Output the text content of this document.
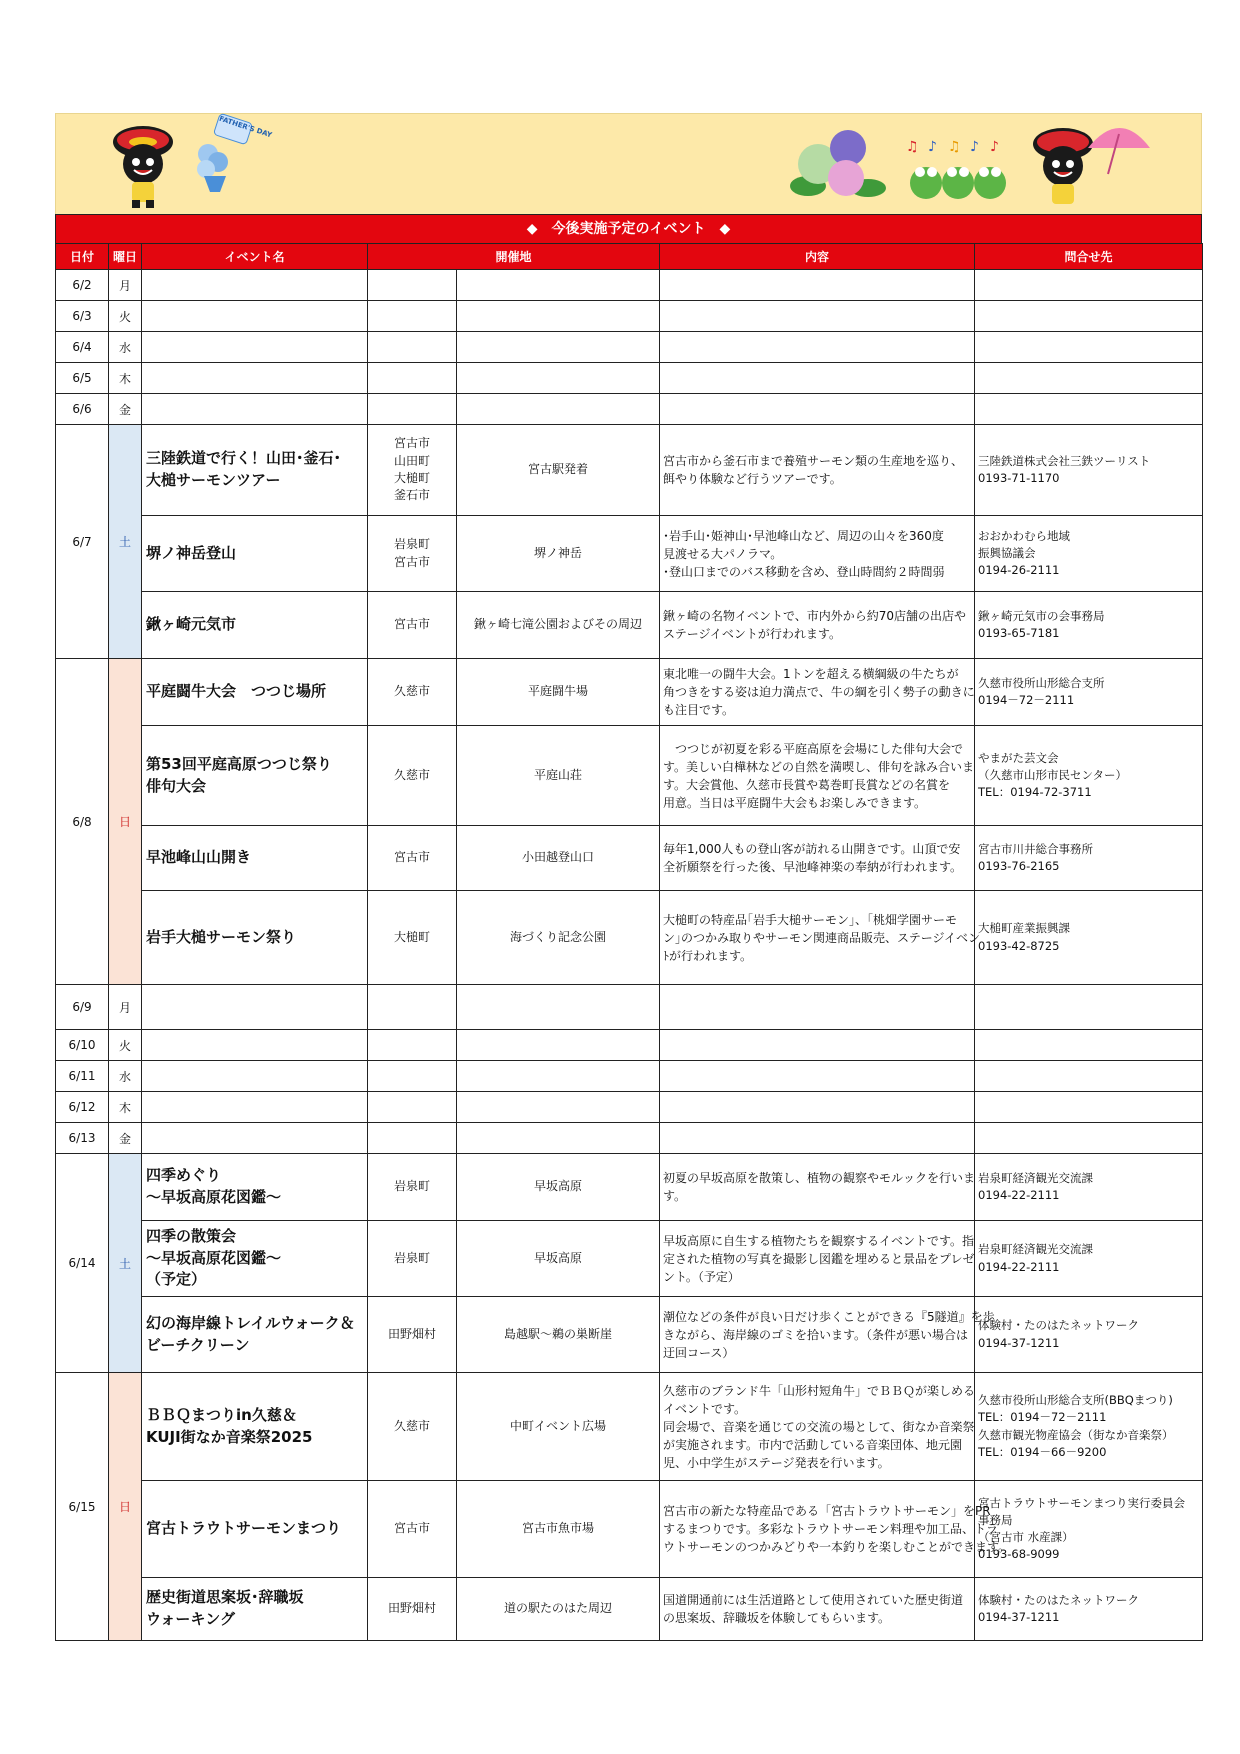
FATHER'S DAY
♫ ♪ ♫ ♪ ♪
◆　今後実施予定のイベント　◆
日付	曜日	イベント名	開催地		内容	問合せ先

6/2	月					

6/3	火					

6/4	水					

6/5	木					

6/6	金					

6/7	土	三陸鉄道で行く！山田･釜石･
大槌サーモンツアー	宮古市
山田町
大槌町
釜石市	宮古駅発着	宮古市から釜石市まで養殖サーモン類の生産地を巡り、
餌やり体験など行うツアーです。	三陸鉄道株式会社三鉄ツーリスト
0193-71-1170

		堺ノ神岳登山	岩泉町
宮古市	堺ノ神岳	･岩手山･姫神山･早池峰山など、周辺の山々を360度
見渡せる大パノラマ。
･登山口までのバス移動を含め、登山時間約２時間弱	おおかわむら地域
振興協議会
0194-26-2111

		鍬ヶ崎元気市	宮古市	鍬ヶ崎七滝公園およびその周辺	鍬ヶ崎の名物イベントで、市内外から約70店舗の出店や
ステージイベントが行われます。	鍬ヶ崎元気市の会事務局
0193-65-7181

6/8	日	平庭闘牛大会　つつじ場所	久慈市	平庭闘牛場	東北唯一の闘牛大会。1トンを超える横綱級の牛たちが
角つきをする姿は迫力満点で、牛の綱を引く勢子の動きに
も注目です。	久慈市役所山形総合支所
0194－72－2111

		第53回平庭高原つつじ祭り
俳句大会	久慈市	平庭山荘	　つつじが初夏を彩る平庭高原を会場にした俳句大会で
す。美しい白樺林などの自然を満喫し、俳句を詠み合いま
す。大会賞他、久慈市長賞や葛巻町長賞などの名賞を
用意。当日は平庭闘牛大会もお楽しみできます。	やまがた芸文会
（久慈市山形市民センター）
TEL：0194-72-3711

		早池峰山山開き	宮古市	小田越登山口	毎年1,000人もの登山客が訪れる山開きです。山頂で安
全祈願祭を行った後、早池峰神楽の奉納が行われます。	宮古市川井総合事務所
0193-76-2165

		岩手大槌サーモン祭り	大槌町	海づくり記念公園	大槌町の特産品｢岩手大槌サーモン｣、｢桃畑学園サーモ
ン｣のつかみ取りやサーモン関連商品販売、ステージイベン
ﾄが行われます。	大槌町産業振興課
0193-42-8725

6/9	月					

6/10	火					

6/11	水					

6/12	木					

6/13	金					

6/14	土	四季めぐり
～早坂高原花図鑑～	岩泉町	早坂高原	初夏の早坂高原を散策し、植物の観察やモルックを行いま
す。	岩泉町経済観光交流課
0194-22-2111

		四季の散策会
～早坂高原花図鑑～
（予定）	岩泉町	早坂高原	早坂高原に自生する植物たちを観察するイベントです。指
定された植物の写真を撮影し図鑑を埋めると景品をプレゼ
ント。（予定）	岩泉町経済観光交流課
0194-22-2111

		幻の海岸線トレイルウォーク＆
ビーチクリーン	田野畑村	島越駅～鵜の巣断崖	潮位などの条件が良い日だけ歩くことができる『5隧道』を歩
きながら、海岸線のゴミを拾います。（条件が悪い場合は
迂回コース）	体験村・たのはたネットワーク
0194-37-1211

6/15	日	ＢＢＱまつりin久慈＆
KUJI街なか音楽祭2025	久慈市	中町イベント広場	久慈市のブランド牛「山形村短角牛」でＢＢＱが楽しめる
イベントです。
同会場で、音楽を通じての交流の場として、街なか音楽祭
が実施されます。市内で活動している音楽団体、地元園
児、小中学生がステージ発表を行います。	久慈市役所山形総合支所(BBQまつり)
TEL：0194－72－2111
久慈市観光物産協会（街なか音楽祭）
TEL：0194－66－9200

		宮古トラウトサーモンまつり	宮古市	宮古市魚市場	宮古市の新たな特産品である「宮古トラウトサーモン」をPR
するまつりです。多彩なトラウトサーモン料理や加工品、トラ
ウトサーモンのつかみどりや一本釣りを楽しむことができます。	宮古トラウトサーモンまつり実行委員会
事務局
（宮古市 水産課）
0193-68-9099

		歴史街道思案坂･辞職坂
ウォーキング	田野畑村	道の駅たのはた周辺	国道開通前には生活道路として使用されていた歴史街道
の思案坂、辞職坂を体験してもらいます。	体験村・たのはたネットワーク
0194-37-1211
